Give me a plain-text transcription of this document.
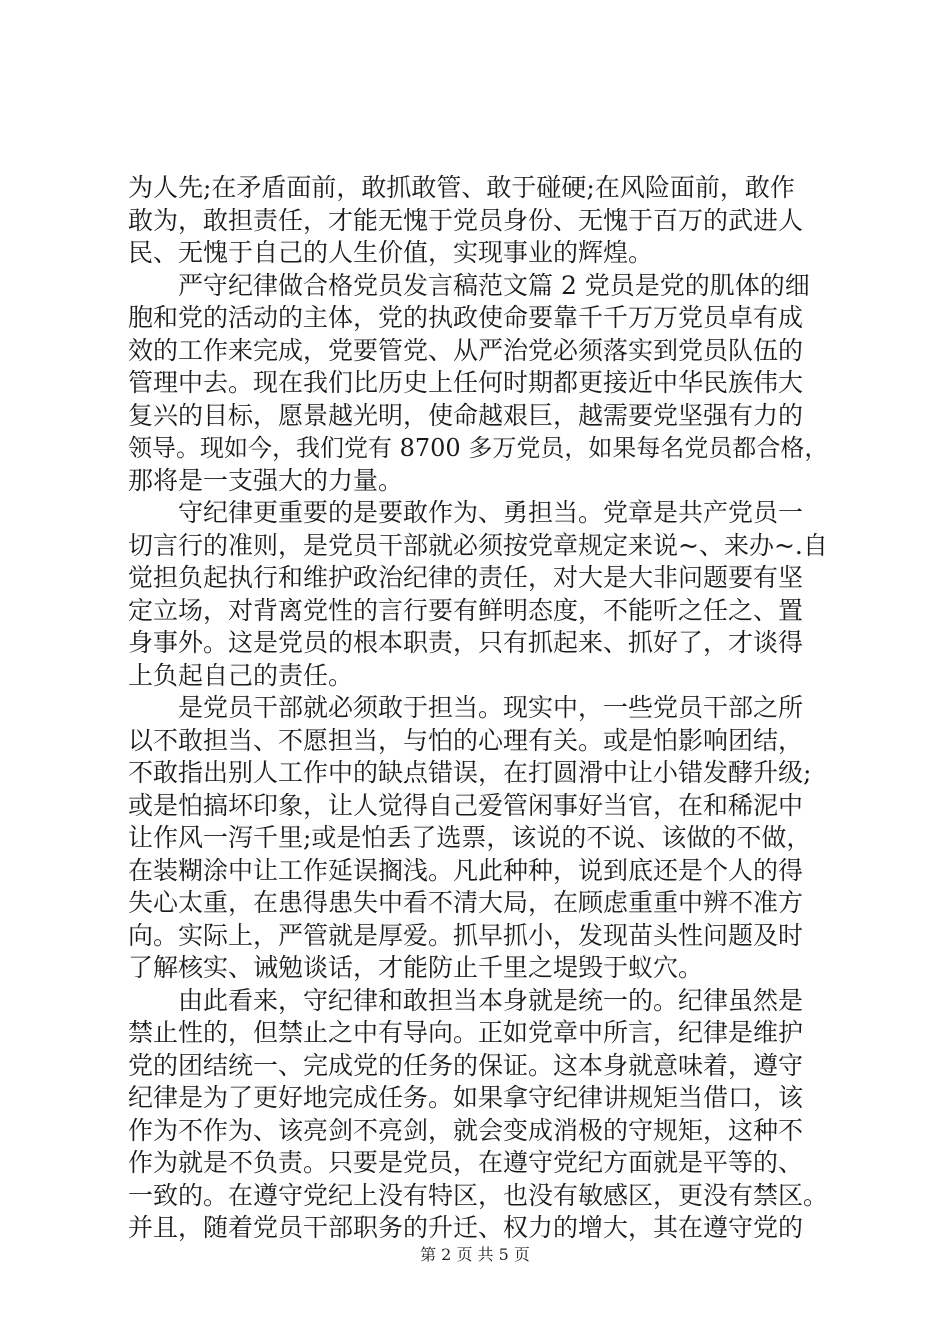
为人先;在矛盾面前，敢抓敢管、敢于碰硬;在风险面前，敢作
敢为，敢担责任，才能无愧于党员身份、无愧于百万的武进人
民、无愧于自己的人生价值，实现事业的辉煌。
严守纪律做合格党员发言稿范文篇 2 党员是党的肌体的细
胞和党的活动的主体，党的执政使命要靠千千万万党员卓有成
效的工作来完成，党要管党、从严治党必须落实到党员队伍的
管理中去。现在我们比历史上任何时期都更接近中华民族伟大
复兴的目标，愿景越光明，使命越艰巨，越需要党坚强有力的
领导。现如今，我们党有 8700 多万党员，如果每名党员都合格，
那将是一支强大的力量。
守纪律更重要的是要敢作为、勇担当。党章是共产党员一
切言行的准则，是党员干部就必须按党章规定来说~、来办~.自
觉担负起执行和维护政治纪律的责任，对大是大非问题要有坚
定立场，对背离党性的言行要有鲜明态度，不能听之任之、置
身事外。这是党员的根本职责，只有抓起来、抓好了，才谈得
上负起自己的责任。
是党员干部就必须敢于担当。现实中，一些党员干部之所
以不敢担当、不愿担当，与怕的心理有关。或是怕影响团结，
不敢指出别人工作中的缺点错误，在打圆滑中让小错发酵升级;
或是怕搞坏印象，让人觉得自己爱管闲事好当官，在和稀泥中
让作风一泻千里;或是怕丢了选票，该说的不说、该做的不做，
在装糊涂中让工作延误搁浅。凡此种种，说到底还是个人的得
失心太重，在患得患失中看不清大局，在顾虑重重中辨不准方
向。实际上，严管就是厚爱。抓早抓小，发现苗头性问题及时
了解核实、诫勉谈话，才能防止千里之堤毁于蚁穴。
由此看来，守纪律和敢担当本身就是统一的。纪律虽然是
禁止性的，但禁止之中有导向。正如党章中所言，纪律是维护
党的团结统一、完成党的任务的保证。这本身就意味着，遵守
纪律是为了更好地完成任务。如果拿守纪律讲规矩当借口，该
作为不作为、该亮剑不亮剑，就会变成消极的守规矩，这种不
作为就是不负责。只要是党员，在遵守党纪方面就是平等的、
一致的。在遵守党纪上没有特区，也没有敏感区，更没有禁区。
并且，随着党员干部职务的升迁、权力的增大，其在遵守党的
第 2 页 共 5 页
